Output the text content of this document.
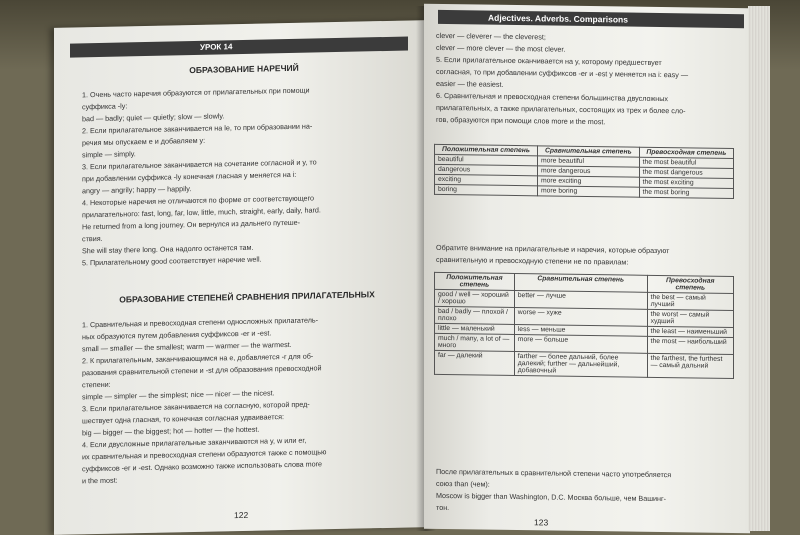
УРОК 14
ОБРАЗОВАНИЕ НАРЕЧИЙ
1. Очень часто наречия образуются от прилагательных при помощи
суффикса -ly:
bad — badly; quiet — quietly; slow — slowly.
2. Если прилагательное заканчивается на le, то при образовании на-
речия мы опускаем e и добавляем y:
simple — simply.
3. Если прилагательное заканчивается на сочетание согласной и y, то
при добавлении суффикса -ly конечная гласная y меняется на i:
angry — angrily; happy — happily.
4. Некоторые наречия не отличаются по форме от соответствующего
прилагательного: fast, long, far, low, little, much, straight, early, daily, hard.
He returned from a long journey. Он вернулся из дальнего путеше-
ствия.
She will stay there long. Она надолго останется там.
5. Прилагательному good соответствует наречие well.
ОБРАЗОВАНИЕ СТЕПЕНЕЙ СРАВНЕНИЯ ПРИЛАГАТЕЛЬНЫХ
1. Сравнительная и превосходная степени односложных прилагатель-
ных образуются путем добавления суффиксов -er и -est.
small — smaller — the smallest; warm — warmer — the warmest.
2. К прилагательным, заканчивающимся на e, добавляется -r для об-
разования сравнительной степени и -st для образования превосходной
степени:
simple — simpler — the simplest; nice — nicer — the nicest.
3. Если прилагательное заканчивается на согласную, которой пред-
шествует одна гласная, то конечная согласная удваивается:
big — bigger — the biggest; hot — hotter — the hottest.
4. Если двусложные прилагательные заканчиваются на y, w или er,
их сравнительная и превосходная степени образуются также с помощью
суффиксов -er и -est. Однако возможно также использовать слова more
и the most:
122
Adjectives. Adverbs. Comparisons
clever — cleverer — the cleverest;
clever — more clever — the most clever.
5. Если прилагательное оканчивается на y, которому предшествует
согласная, то при добавлении суффиксов -er и -est y меняется на i: easy —
easier — the easiest.
6. Сравнительная и превосходная степени большинства двусложных
прилагательных, а также прилагательных, состоящих из трех и более сло-
гов, образуются при помощи слов more и the most.
Положительная степень	Сравнительная степень	Превосходная степень
beautiful	more beautiful	the most beautiful
dangerous	more dangerous	the most dangerous
exciting	more exciting	the most exciting
boring	more boring	the most boring
Обратите внимание на прилагательные и наречия, которые образуют
сравнительную и превосходную степени не по правилам:
Положительная степень	Сравнительная степень	Превосходная степень
good / well — хороший / хорошо	better — лучше	the best — самый лучший
bad / badly — плохой / плохо	worse — хуже	the worst — самый худший
little — маленький	less — меньше	the least — наименьший
much / many, a lot of — много	more — больше	the most — наибольший
far — далекий	farther — более дальний, более далекий; further — дальнейший, добавочный	the farthest, the furthest — самый дальний
После прилагательных в сравнительной степени часто употребляется
союз than (чем):
Moscow is bigger than Washington, D.C. Москва больше, чем Вашинг-
тон.
123
